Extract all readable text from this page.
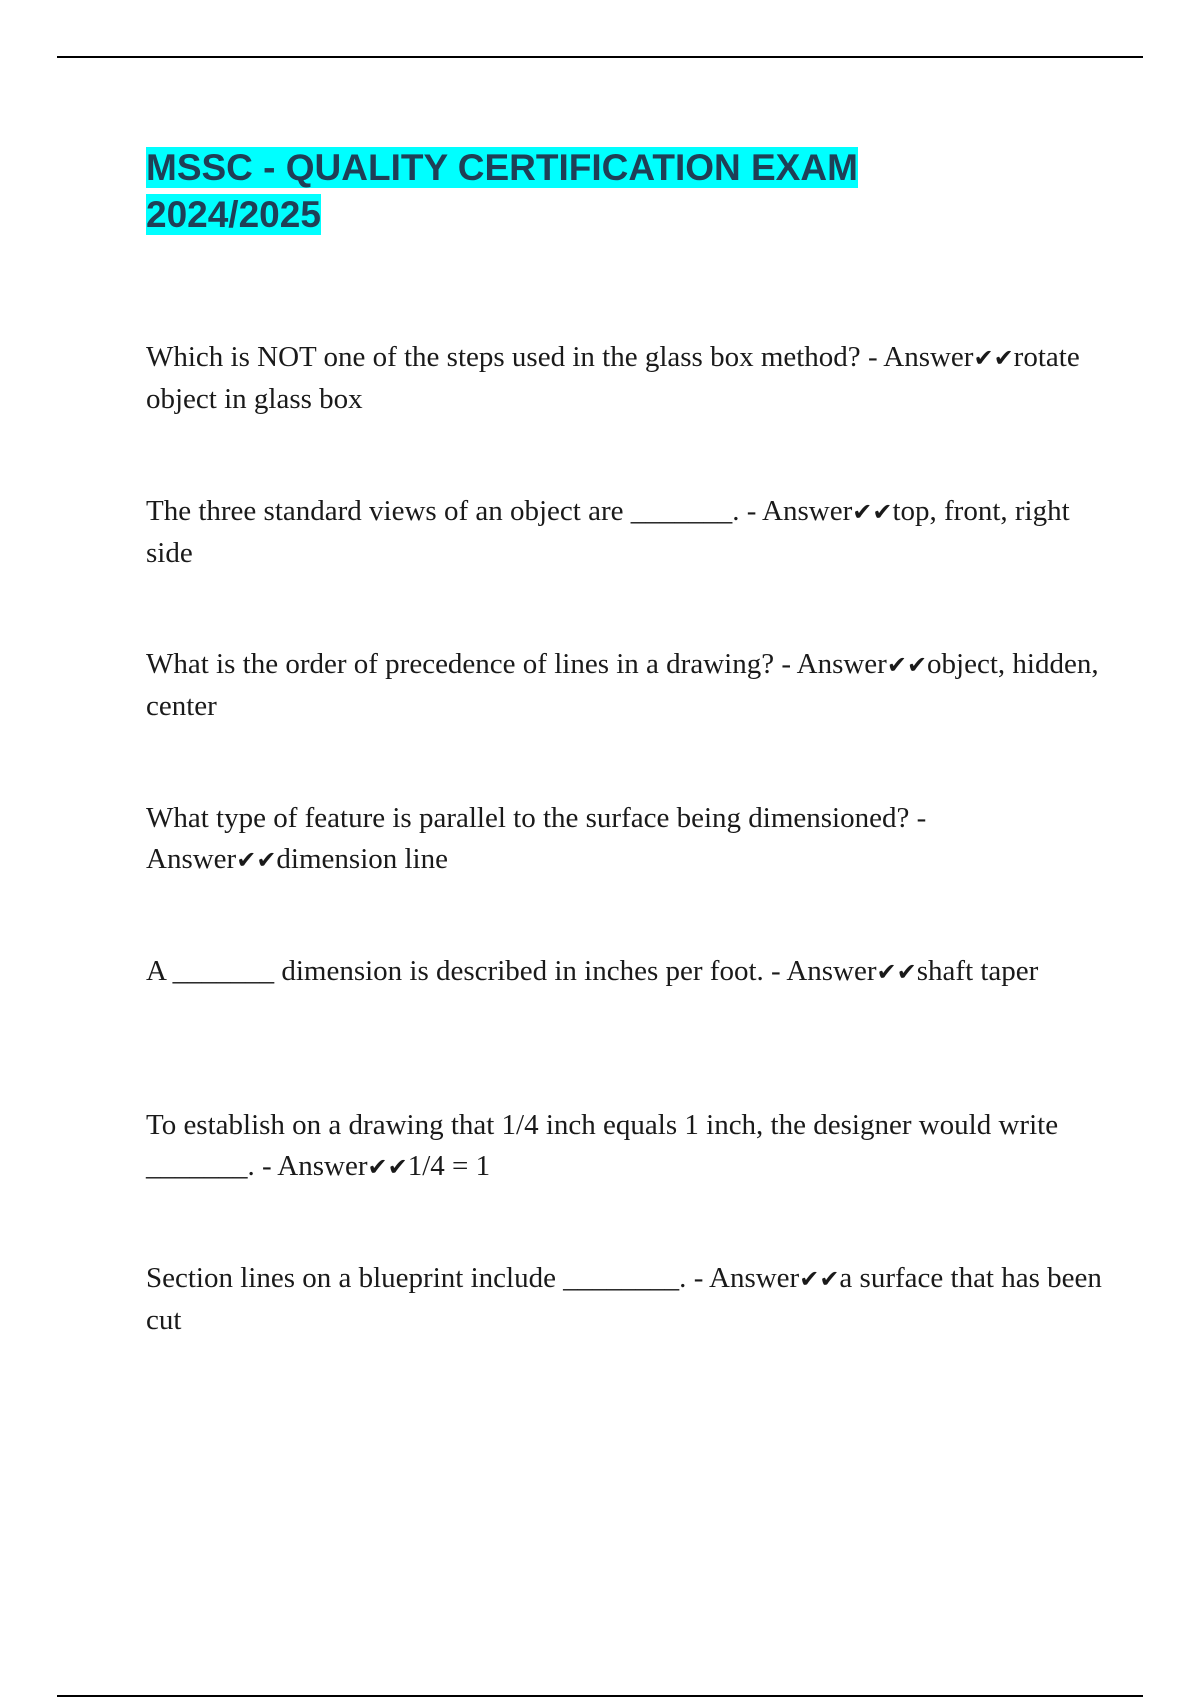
MSSC - QUALITY CERTIFICATION EXAM
2024/2025

Which is NOT one of the steps used in the glass box method? - Answer✔✔rotate object in glass box

The three standard views of an object are _______. - Answer✔✔top, front, right side

What is the order of precedence of lines in a drawing? - Answer✔✔object, hidden, center

What type of feature is parallel to the surface being dimensioned? - Answer✔✔dimension line

A _______ dimension is described in inches per foot. - Answer✔✔shaft taper

To establish on a drawing that 1/4 inch equals 1 inch, the designer would write _______. - Answer✔✔1/4 = 1

Section lines on a blueprint include ________. - Answer✔✔a surface that has been cut
